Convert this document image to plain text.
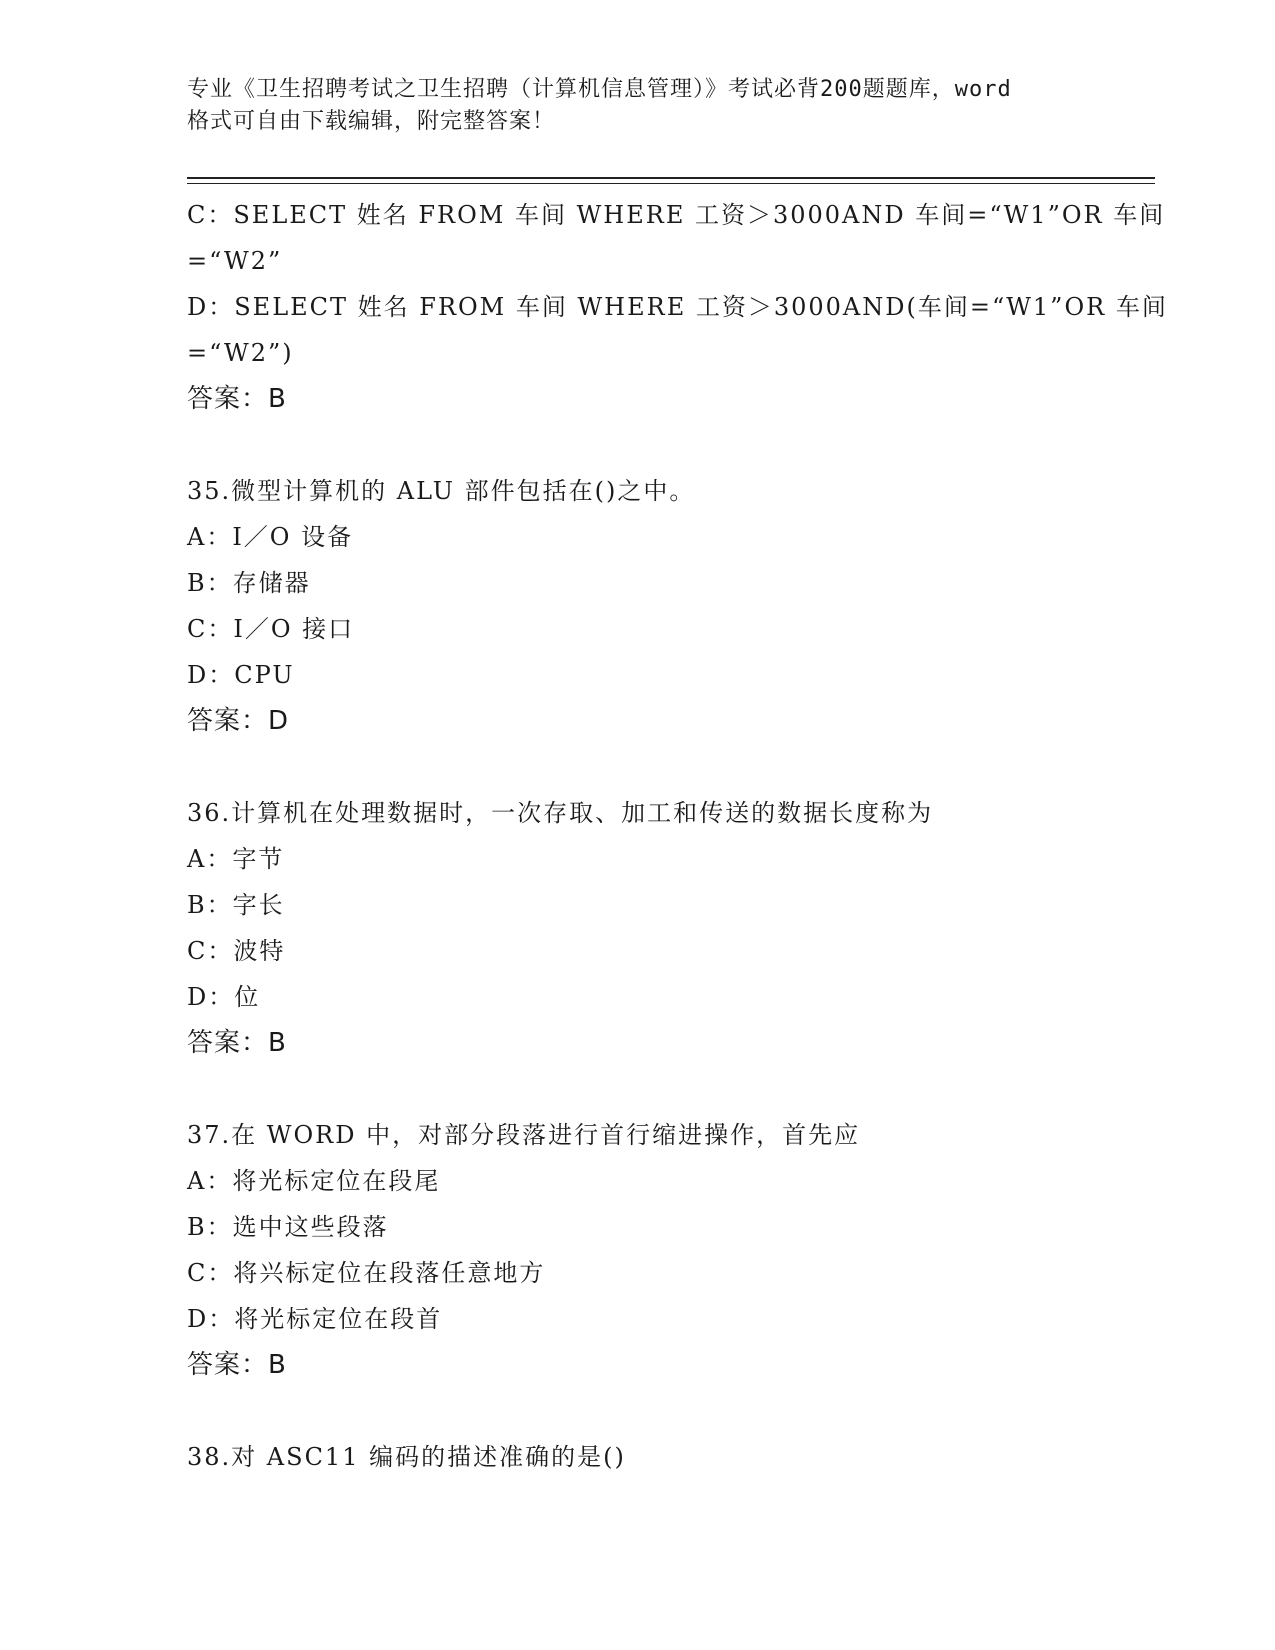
专业《卫生招聘考试之卫生招聘（计算机信息管理）》考试必背200题题库，word
格式可自由下载编辑，附完整答案！
C：SELECT 姓名 FROM 车间 WHERE 工资＞3000AND 车间=“W1”OR 车间
=“W2”
D：SELECT 姓名 FROM 车间 WHERE 工资＞3000AND(车间=“W1”OR 车间
=“W2”)
答案：B
35.微型计算机的 ALU 部件包括在()之中。
A：I／O 设备
B：存储器
C：I／O 接口
D：CPU
答案：D
36.计算机在处理数据时，一次存取、加工和传送的数据长度称为
A：字节
B：字长
C：波特
D：位
答案：B
37.在 WORD 中，对部分段落进行首行缩进操作，首先应
A：将光标定位在段尾
B：选中这些段落
C：将兴标定位在段落任意地方
D：将光标定位在段首
答案：B
38.对 ASC11 编码的描述准确的是()
